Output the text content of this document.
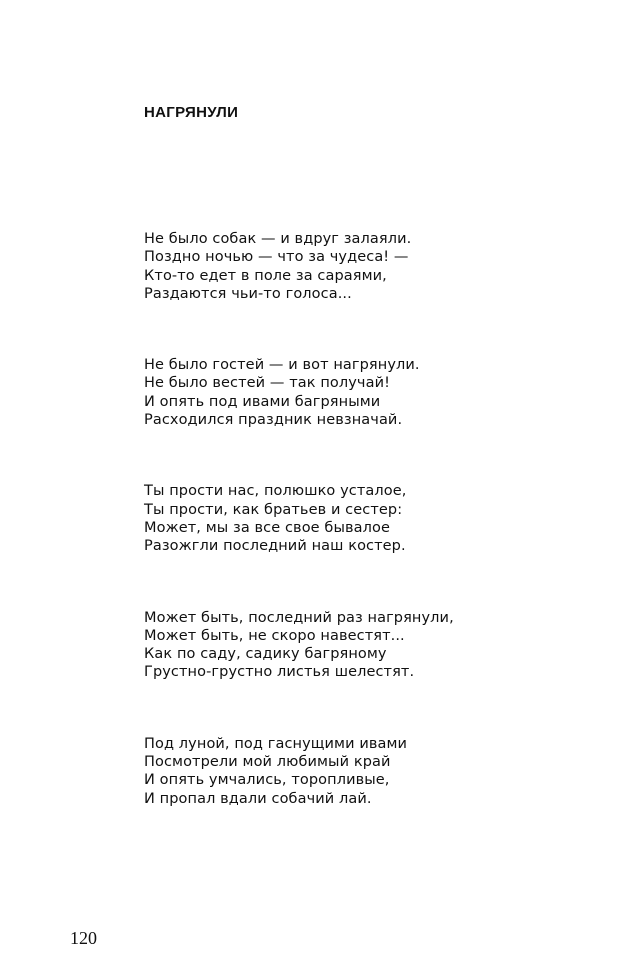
НАГРЯНУЛИ
Не было собак — и вдруг залаяли.
Поздно ночью — что за чудеса! —
Кто-то едет в поле за сараями,
Раздаются чьи-то голоса...
Не было гостей — и вот нагрянули.
Не было вестей — так получай!
И опять под ивами багряными
Расходился праздник невзначай.
Ты прости нас, полюшко усталое,
Ты прости, как братьев и сестер:
Может, мы за все свое бывалое
Разожгли последний наш костер.
Может быть, последний раз нагрянули,
Может быть, не скоро навестят...
Как по саду, садику багряному
Грустно-грустно листья шелестят.
Под луной, под гаснущими ивами
Посмотрели мой любимый край
И опять умчались, торопливые,
И пропал вдали собачий лай.
120
